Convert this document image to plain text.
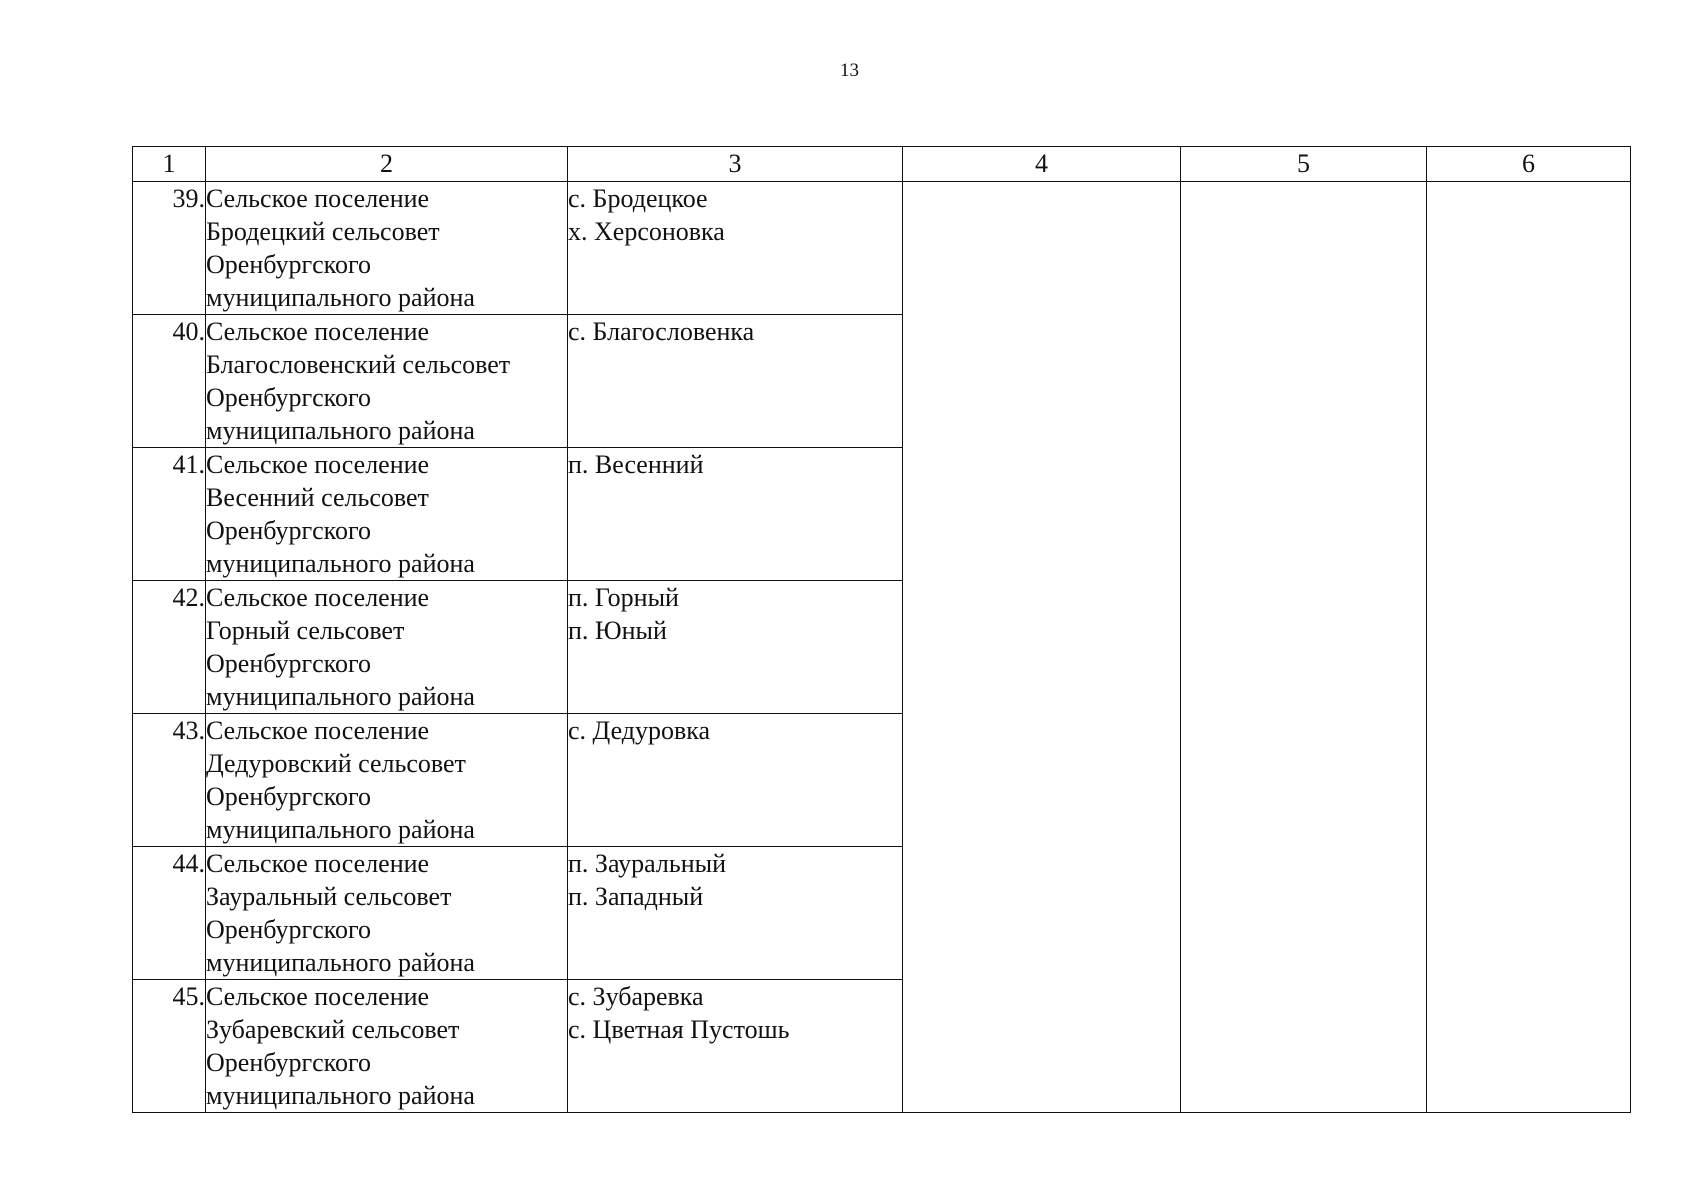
13
1	2	3	4	5	6
39.	Сельское поселение
Бродецкий сельсовет
Оренбургского
муниципального района	с. Бродецкое
х. Херсоновка			

40.	Сельское поселение
Благословенский сельсовет
Оренбургского
муниципального района	с. Благословенка			

41.	Сельское поселение
Весенний сельсовет
Оренбургского
муниципального района	п. Весенний			

42.	Сельское поселение
Горный сельсовет
Оренбургского
муниципального района	п. Горный
п. Юный			

43.	Сельское поселение
Дедуровский сельсовет
Оренбургского
муниципального района	с. Дедуровка			

44.	Сельское поселение
Зауральный сельсовет
Оренбургского
муниципального района	п. Зауральный
п. Западный			

45.	Сельское поселение
Зубаревский сельсовет
Оренбургского
муниципального района	с. Зубаревка
с. Цветная Пустошь			
